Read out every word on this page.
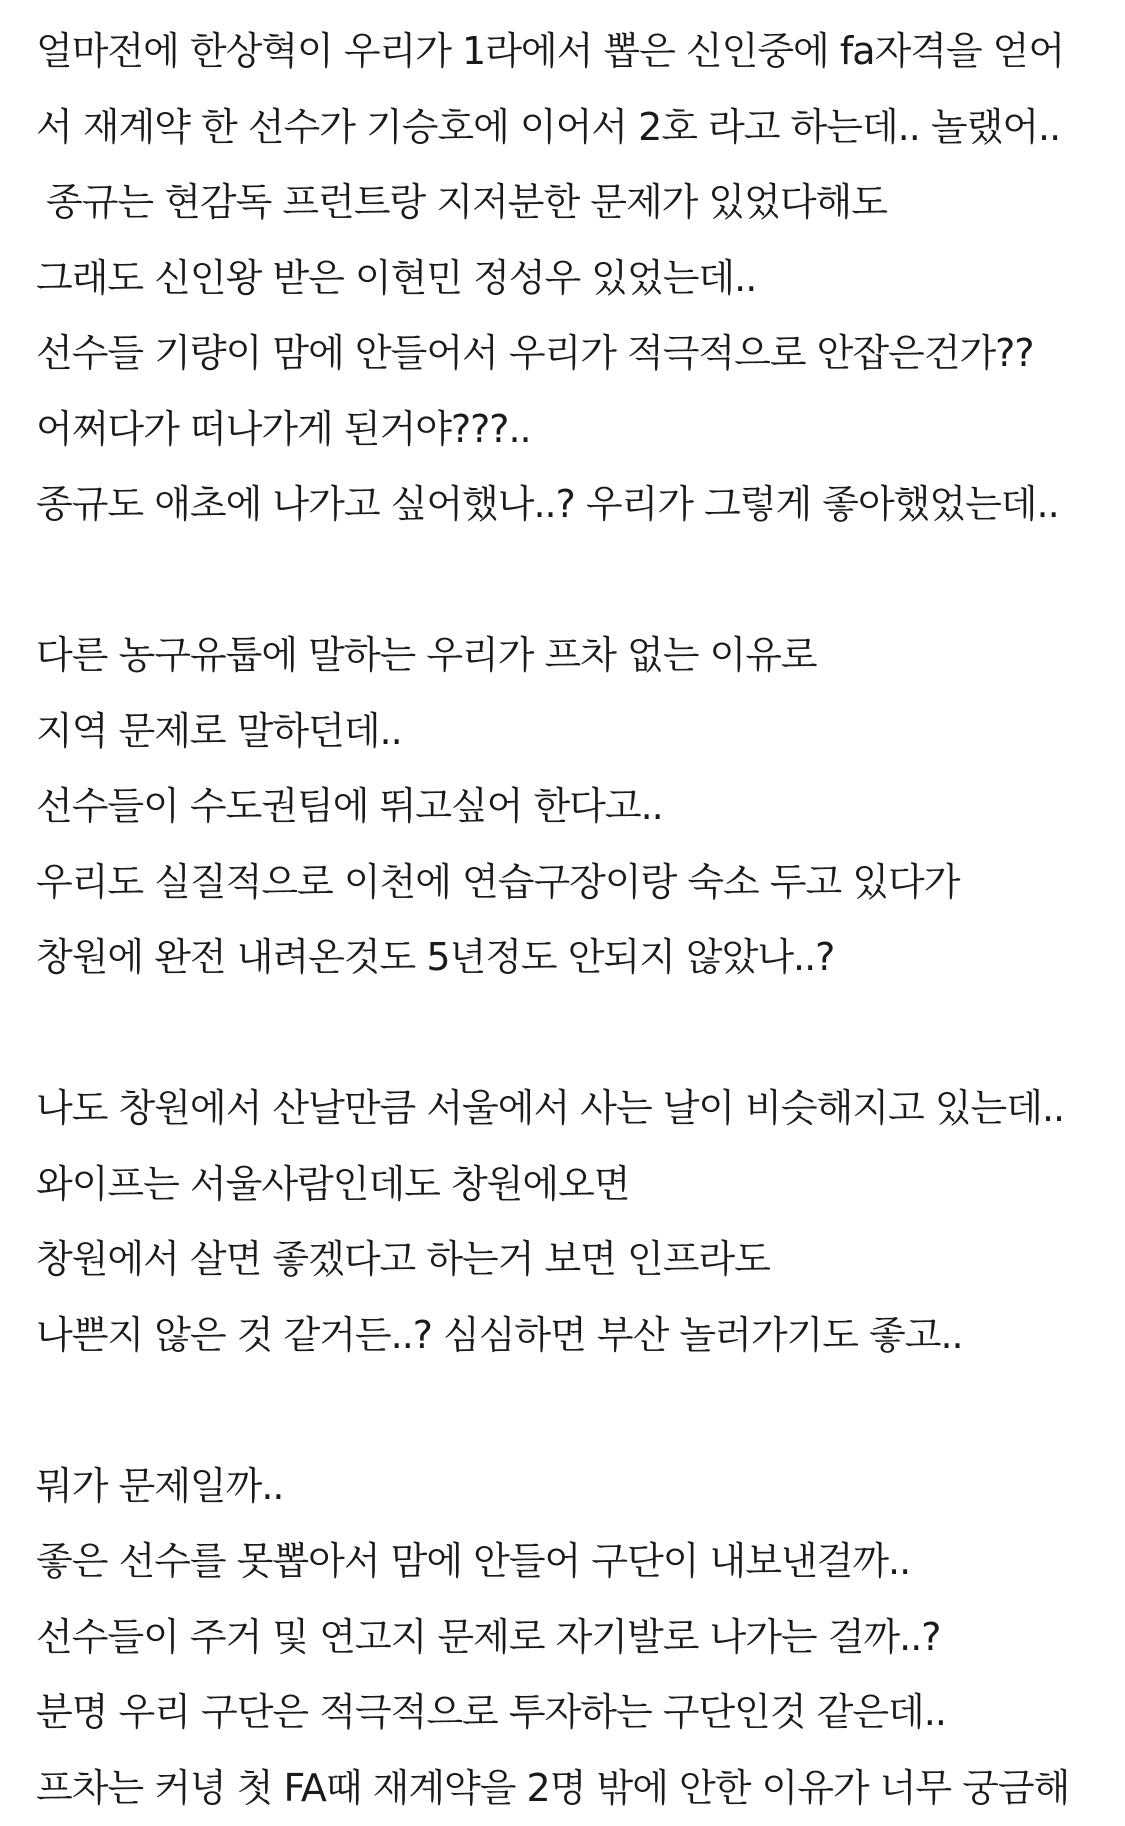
얼마전에 한상혁이 우리가 1라에서 뽑은 신인중에 fa자격을 얻어
서 재계약 한 선수가 기승호에 이어서 2호 라고 하는데.. 놀랬어..
종규는 현감독 프런트랑 지저분한 문제가 있었다해도
그래도 신인왕 받은 이현민 정성우 있었는데..
선수들 기량이 맘에 안들어서 우리가 적극적으로 안잡은건가??
어쩌다가 떠나가게 된거야???..
종규도 애초에 나가고 싶어했나..? 우리가 그렇게 좋아했었는데..
다른 농구유툽에 말하는 우리가 프차 없는 이유로
지역 문제로 말하던데..
선수들이 수도권팀에 뛰고싶어 한다고..
우리도 실질적으로 이천에 연습구장이랑 숙소 두고 있다가
창원에 완전 내려온것도 5년정도 안되지 않았나..?
나도 창원에서 산날만큼 서울에서 사는 날이 비슷해지고 있는데..
와이프는 서울사람인데도 창원에오면
창원에서 살면 좋겠다고 하는거 보면 인프라도
나쁜지 않은 것 같거든..? 심심하면 부산 놀러가기도 좋고..
뭐가 문제일까..
좋은 선수를 못뽑아서 맘에 안들어 구단이 내보낸걸까..
선수들이 주거 및 연고지 문제로 자기발로 나가는 걸까..?
분명 우리 구단은 적극적으로 투자하는 구단인것 같은데..
프차는 커녕 첫 FA때 재계약을 2명 밖에 안한 이유가 너무 궁금해
